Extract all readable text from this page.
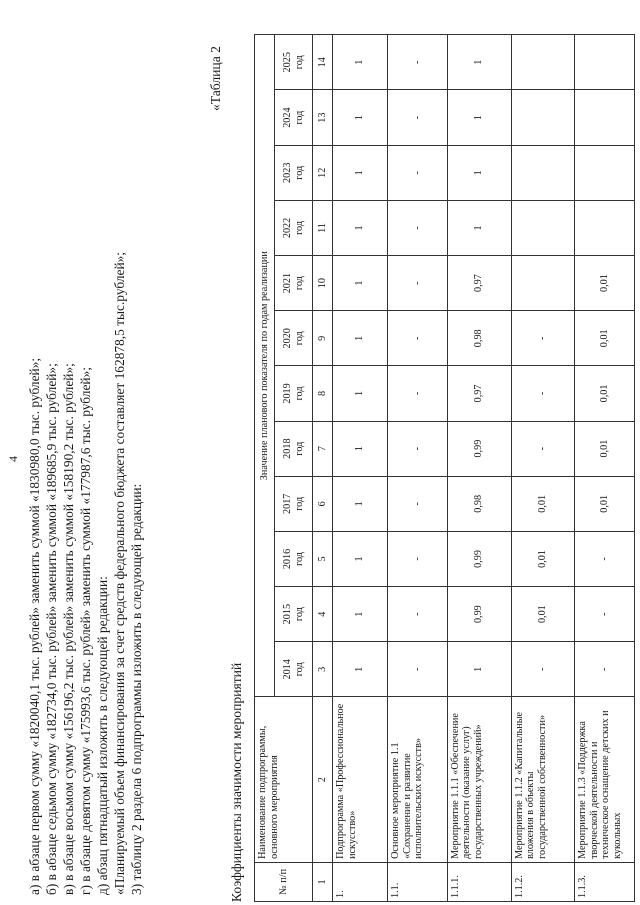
4 а) в абзаце первом сумму «1820040,1 тыс. рублей» заменить суммой «1830980,0 тыс. рублей»; б) в абзаце седьмом сумму «182734,0 тыс. рублей» заменить суммой «189685,9 тыс. рублей»; в) в абзаце восьмом сумму «156196,2 тыс. рублей» заменить суммой «158190,2 тыс. рублей»; г) в абзаце девятом сумму «175993,6 тыс. рублей» заменить суммой «177987,6 тыс. рублей»; д) абзац пятнадцатый изложить в следующей редакции: «Планируемый объем финансирования за счет средств федерального бюджета составляет 162878,5 тыс.рублей»; 3) таблицу 2 раздела 6 подпрограммы изложить в следующей редакции:
«Таблица 2
Коэффициенты значимости мероприятий	№ п/п	Наименование подпрограммы, основного мероприятия	Значение планового показателя по годам реализации											

		2014 год	2015 год	2016 год	2017 год	2018 год	2019 год	2020 год	2021 год	2022 год	2023 год	2024 год	2025 год

1	2	3	4	5	6	7	8	9	10	11	12	13	14
1.	Подпрограмма «Профессиональное искусство»	1	1	1	1	1	1	1	1	1	1	1	1
1.1.	Основное мероприятие 1.1 «Сохранение и развитие исполнительских искусств»	-	-	-	-	-	-	-	-	-	-	-	-
1.1.1.	Мероприятие 1.1.1 «Обеспечение деятельности (оказание услуг) государственных учреждений»	1	0,99	0,99	0,98	0,99	0,97	0,98	0,97	1	1	1	1
1.1.2.	Мероприятие 1.1.2 «Капитальные вложения в объекты государственной собственности»	-	0,01	0,01	0,01	-	-	-					
1.1.3.	Мероприятие 1.1.3 «Поддержка творческой деятельности и техническое оснащение детских и кукольных	-	-	-	0,01	0,01	0,01	0,01	0,01				
